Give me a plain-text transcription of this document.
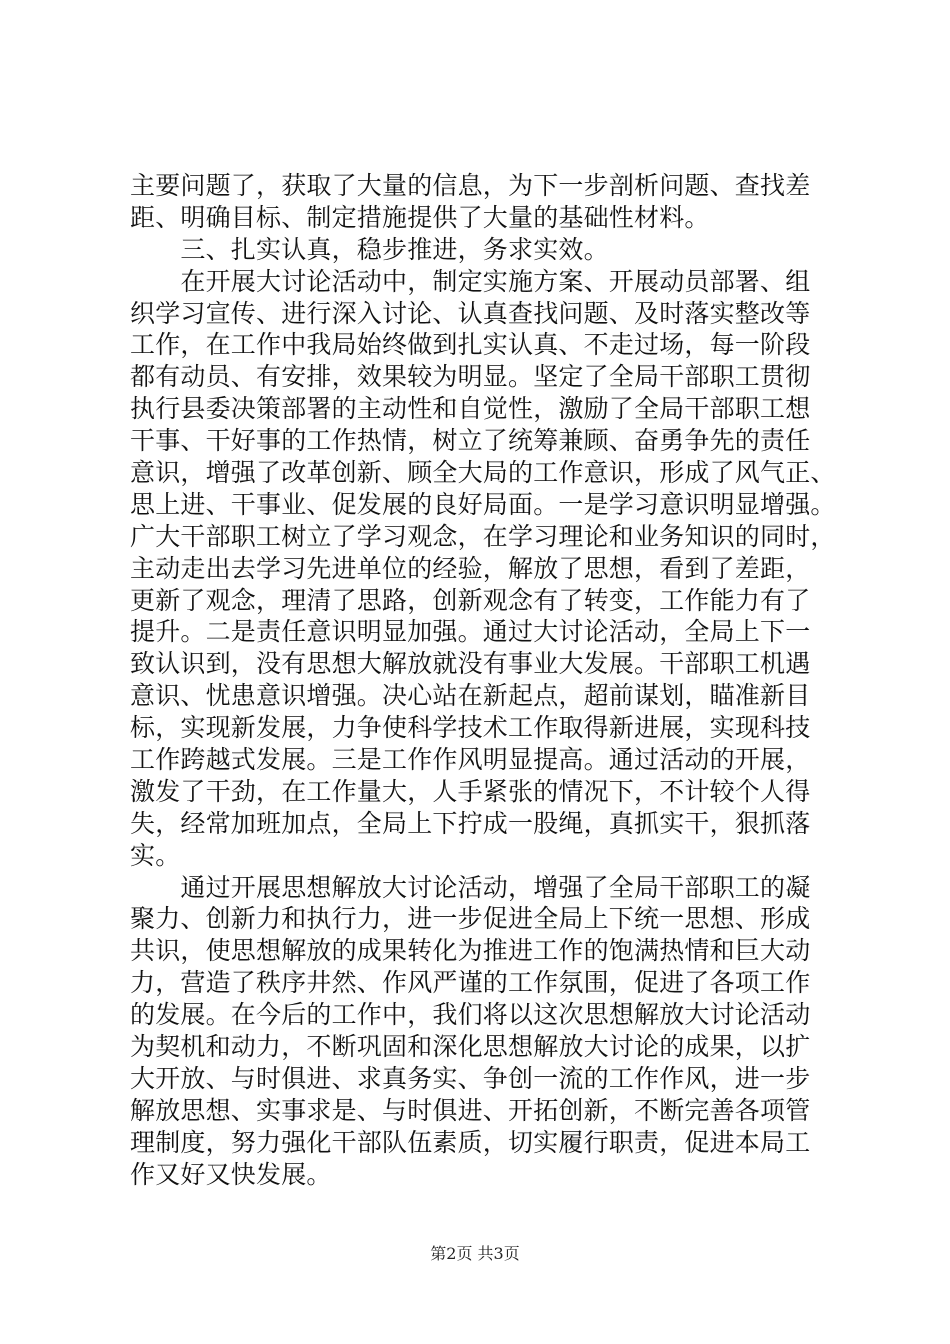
主要问题了，获取了大量的信息，为下一步剖析问题、查找差
距、明确目标、制定措施提供了大量的基础性材料。
　　三、扎实认真，稳步推进，务求实效。
　　在开展大讨论活动中，制定实施方案、开展动员部署、组
织学习宣传、进行深入讨论、认真查找问题、及时落实整改等
工作，在工作中我局始终做到扎实认真、不走过场，每一阶段
都有动员、有安排，效果较为明显。坚定了全局干部职工贯彻
执行县委决策部署的主动性和自觉性，激励了全局干部职工想
干事、干好事的工作热情，树立了统筹兼顾、奋勇争先的责任
意识，增强了改革创新、顾全大局的工作意识，形成了风气正、
思上进、干事业、促发展的良好局面。一是学习意识明显增强。
广大干部职工树立了学习观念，在学习理论和业务知识的同时，
主动走出去学习先进单位的经验，解放了思想，看到了差距，
更新了观念，理清了思路，创新观念有了转变，工作能力有了
提升。二是责任意识明显加强。通过大讨论活动，全局上下一
致认识到，没有思想大解放就没有事业大发展。干部职工机遇
意识、忧患意识增强。决心站在新起点，超前谋划，瞄准新目
标，实现新发展，力争使科学技术工作取得新进展，实现科技
工作跨越式发展。三是工作作风明显提高。通过活动的开展，
激发了干劲，在工作量大，人手紧张的情况下，不计较个人得
失，经常加班加点，全局上下拧成一股绳，真抓实干，狠抓落
实。
　　通过开展思想解放大讨论活动，增强了全局干部职工的凝
聚力、创新力和执行力，进一步促进全局上下统一思想、形成
共识，使思想解放的成果转化为推进工作的饱满热情和巨大动
力，营造了秩序井然、作风严谨的工作氛围，促进了各项工作
的发展。在今后的工作中，我们将以这次思想解放大讨论活动
为契机和动力，不断巩固和深化思想解放大讨论的成果，以扩
大开放、与时俱进、求真务实、争创一流的工作作风，进一步
解放思想、实事求是、与时俱进、开拓创新，不断完善各项管
理制度，努力强化干部队伍素质，切实履行职责，促进本局工
作又好又快发展。
第2页 共3页
